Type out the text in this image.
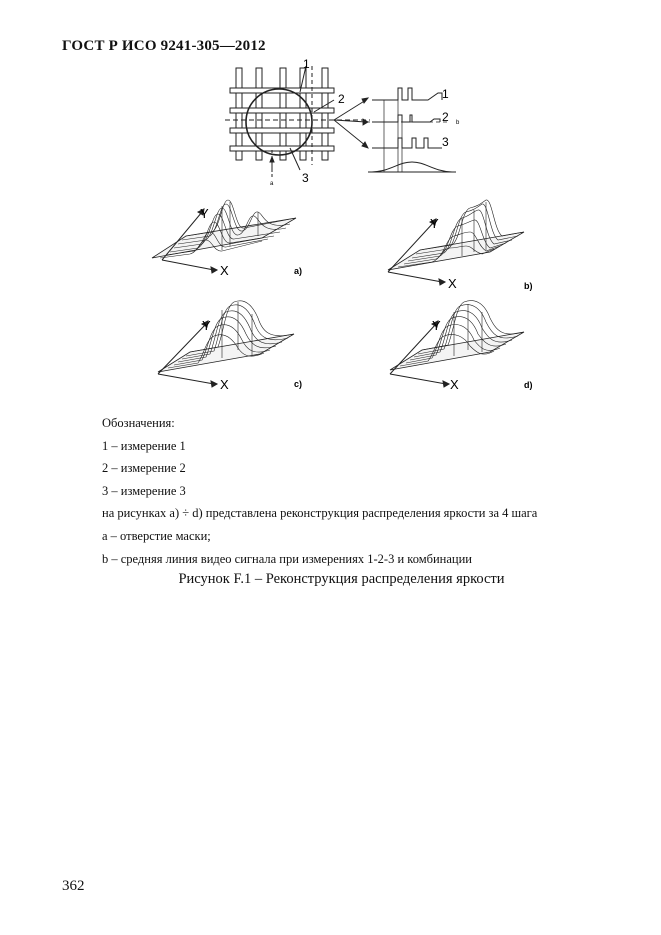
ГОСТ Р ИСО 9241-305—2012
1
2
3
a
1
2
3
b
Y
X	a)
Y
X	b)
Y
X	c)
Y
X	d)
Обозначения:
1 – измерение 1
2 – измерение 2
3 – измерение 3
на рисунках а) ÷ d) представлена реконструкция распределения яркости за 4 шага
а – отверстие маски;
b – средняя линия видео сигнала при измерениях 1-2-3 и комбинации
Рисунок F.1 – Реконструкция распределения яркости
362
